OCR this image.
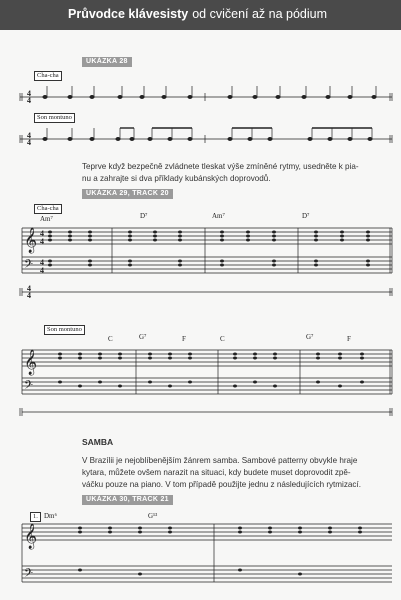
Průvodce klávesisty od cvičení až na pódium
UKÁZKA 28
UKÁZKA 29, TRACK 20
UKÁZKA 30, TRACK 21
Cha-cha
Son montuno
Cha-cha
Son montuno
1.
Am⁷	D⁷	Am⁷	D⁷
C	G⁷	F	C	G⁷	F
Dm⁶	G¹³
Teprve když bezpečně zvládnete tleskat výše zmíněné rytmy, usedněte k pia-
nu a zahrajte si dva příklady kubánských doprovodů.
SAMBA
V Brazílii je nejoblíbenějším žánrem samba. Sambové patterny obvykle hraje
kytara, můžete ovšem narazit na situaci, kdy budete muset doprovodit zpě-
váčku pouze na piano. V tom případě použijte jednu z následujících rytmizací.
4
4
4
4
4
4
4
4
4
4
𝄞
𝄢
𝄞
𝄢
𝄞
𝄢
